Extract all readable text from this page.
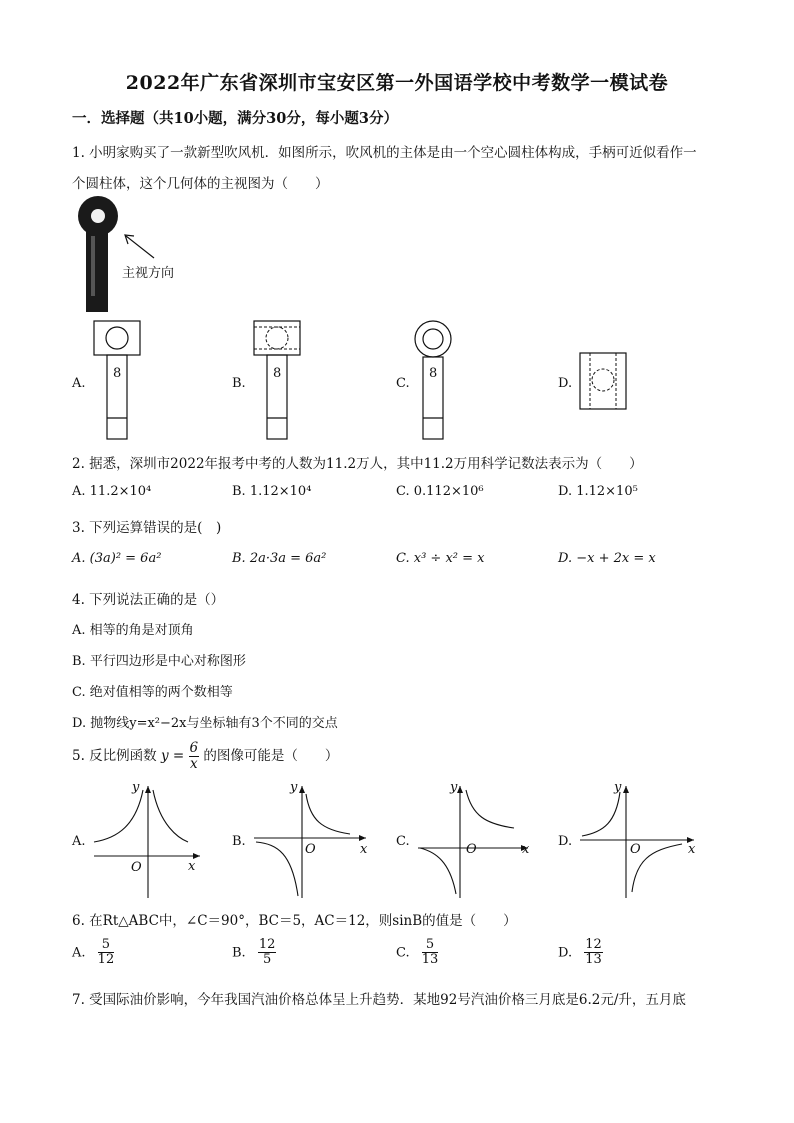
2022年广东省深圳市宝安区第一外国语学校中考数学一模试卷
一．选择题（共10小题，满分30分，每小题3分）
1. 小明家购买了一款新型吹风机．如图所示，吹风机的主体是由一个空心圆柱体构成，手柄可近似看作一
个圆柱体，这个几何体的主视图为（　　）
主视方向
A.
8
B.
8
C.
8
D.
2. 据悉，深圳市2022年报考中考的人数为11.2万人，其中11.2万用科学记数法表示为（　　）
A. 11.2×10⁴	B. 1.12×10⁴	C. 0.112×10⁶	D. 1.12×10⁵
3. 下列运算错误的是(　)
A. (3a)² = 6a²	B. 2a·3a = 6a²	C. x³ ÷ x² = x	D. −x + 2x = x
4. 下列说法正确的是（）
A. 相等的角是对顶角
B. 平行四边形是中心对称图形
C. 绝对值相等的两个数相等
D. 抛物线y=x²−2x与坐标轴有3个不同的交点
5. 反比例函数 $y = \frac{6}{x}$ 的图像可能是（　　）
A.
y
x
O
B.
y
x
O
C.
y
x
O
D.
y
x
O
6. 在Rt△ABC中，∠C＝90°，BC＝5，AC＝12，则sinB的值是（　　）
A. $\frac{5}{12}$	B. $\frac{12}{5}$	C. $\frac{5}{13}$	D. $\frac{12}{13}$
7. 受国际油价影响，今年我国汽油价格总体呈上升趋势．某地92号汽油价格三月底是6.2元/升，五月底
